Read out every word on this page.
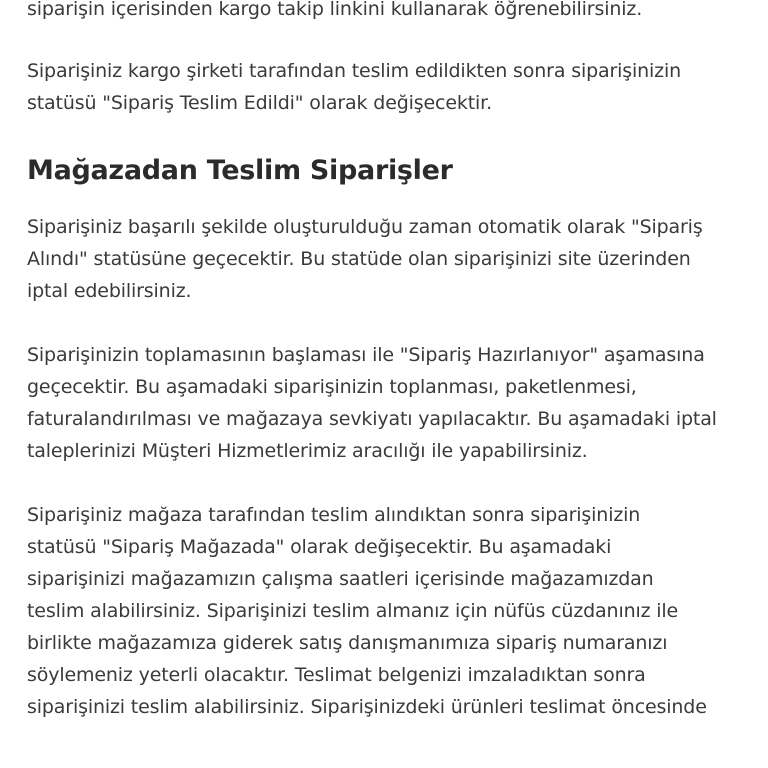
siparişin içerisinden kargo takip linkini kullanarak öğrenebilirsiniz.

Siparişiniz kargo şirketi tarafından teslim edildikten sonra siparişinizin
statüsü "Sipariş Teslim Edildi" olarak değişecektir.

Mağazadan Teslim Siparişler

Siparişiniz başarılı şekilde oluşturulduğu zaman otomatik olarak "Sipariş
Alındı" statüsüne geçecektir. Bu statüde olan siparişinizi site üzerinden
iptal edebilirsiniz.

Siparişinizin toplamasının başlaması ile "Sipariş Hazırlanıyor" aşamasına
geçecektir. Bu aşamadaki siparişinizin toplanması, paketlenmesi,
faturalandırılması ve mağazaya sevkiyatı yapılacaktır. Bu aşamadaki iptal
taleplerinizi Müşteri Hizmetlerimiz aracılığı ile yapabilirsiniz.

Siparişiniz mağaza tarafından teslim alındıktan sonra siparişinizin
statüsü "Sipariş Mağazada" olarak değişecektir. Bu aşamadaki
siparişinizi mağazamızın çalışma saatleri içerisinde mağazamızdan
teslim alabilirsiniz. Siparişinizi teslim almanız için nüfüs cüzdanınız ile
birlikte mağazamıza giderek satış danışmanımıza sipariş numaranızı
söylemeniz yeterli olacaktır. Teslimat belgenizi imzaladıktan sonra
siparişinizi teslim alabilirsiniz. Siparişinizdeki ürünleri teslimat öncesinde
